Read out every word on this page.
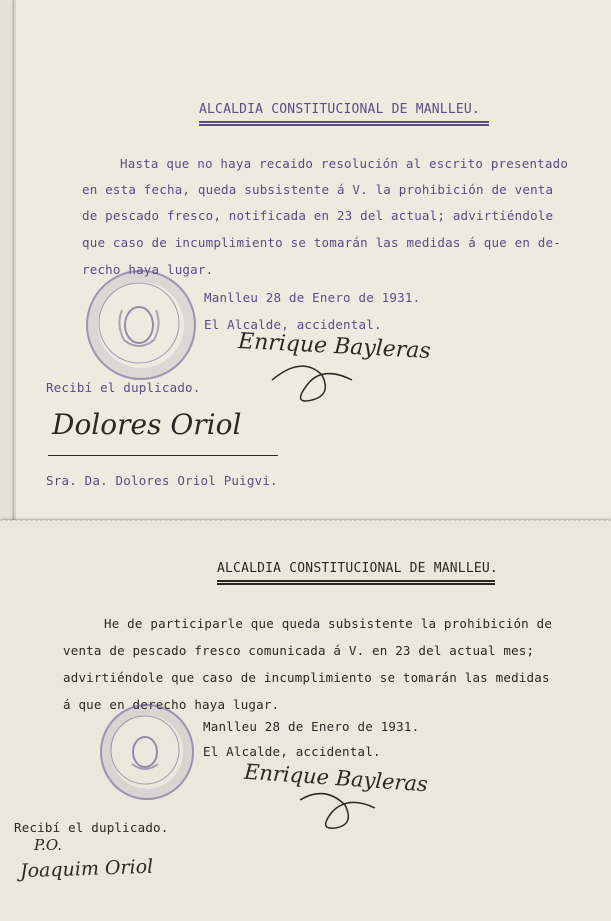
ALCALDIA CONSTITUCIONAL DE MANLLEU.
Hasta que no haya recaido resolución al escrito presentado
en esta fecha, queda subsistente á V. la prohibición de venta
de pescado fresco, notificada en 23 del actual; advirtiéndole
que caso de incumplimiento se tomarán las medidas á que en de-
recho haya lugar.
Manlleu 28 de Enero de 1931.
El Alcalde, accidental.
Enrique Bayleras
Recibí el duplicado.
Dolores Oriol
Sra. Da. Dolores Oriol Puigvi.
ALCALDIA CONSTITUCIONAL DE MANLLEU.
He de participarle que queda subsistente la prohibición de
venta de pescado fresco comunicada á V. en 23 del actual mes;
advirtiéndole que caso de incumplimiento se tomarán las medidas
á que en derecho haya lugar.
Manlleu 28 de Enero de 1931.
El Alcalde, accidental.
Enrique Bayleras
Recibí el duplicado.
P.O.
Joaquim Oriol
